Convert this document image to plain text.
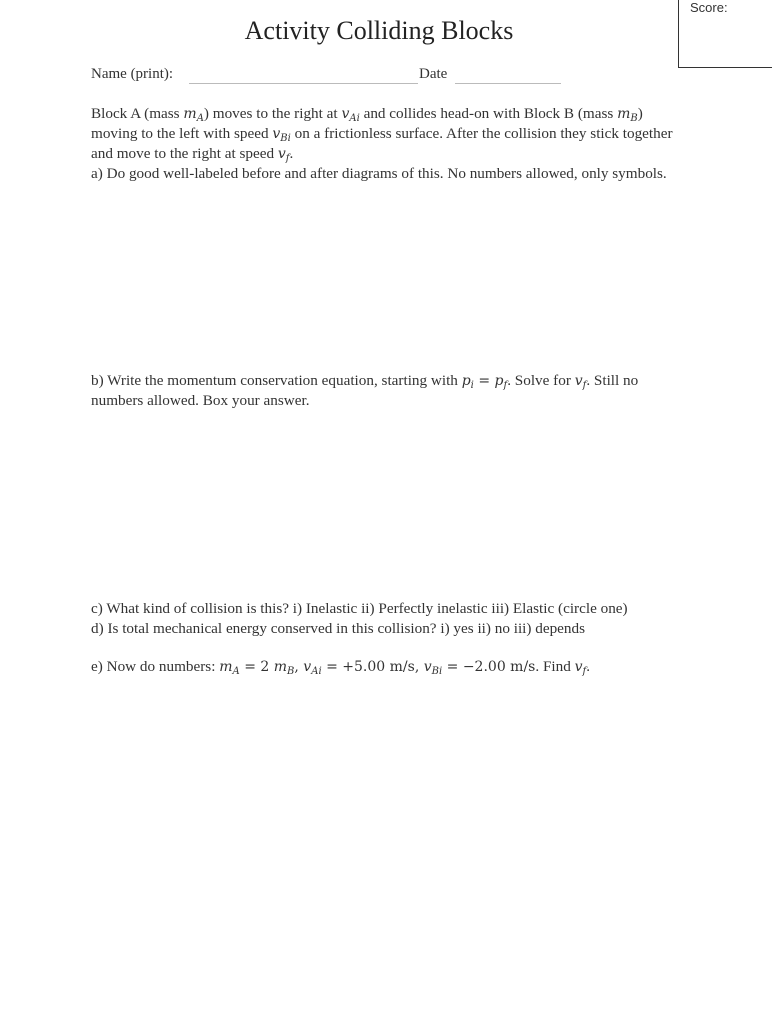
Score:
Activity Colliding Blocks
Name (print):	Date

Block A (mass $m_A$) moves to the right at $v_{Ai}$ and collides head-on with Block B (mass $m_B$)

moving to the left with speed $v_{Bi}$ on a frictionless surface. After the collision they stick together

and move to the right at speed $v_f$.

a) Do good well-labeled before and after diagrams of this. No numbers allowed, only symbols.

b) Write the momentum conservation equation, starting with $p_i = p_f$. Solve for $v_f$. Still no

numbers allowed. Box your answer.

c) What kind of collision is this? i) Inelastic ii) Perfectly inelastic iii) Elastic (circle one)

d) Is total mechanical energy conserved in this collision? i) yes ii) no iii) depends

e) Now do numbers: $m_A = 2$ $m_B$, $v_{Ai} = +5.00$ m/s, $v_{Bi} = -2.00$ m/s. Find $v_f$.
